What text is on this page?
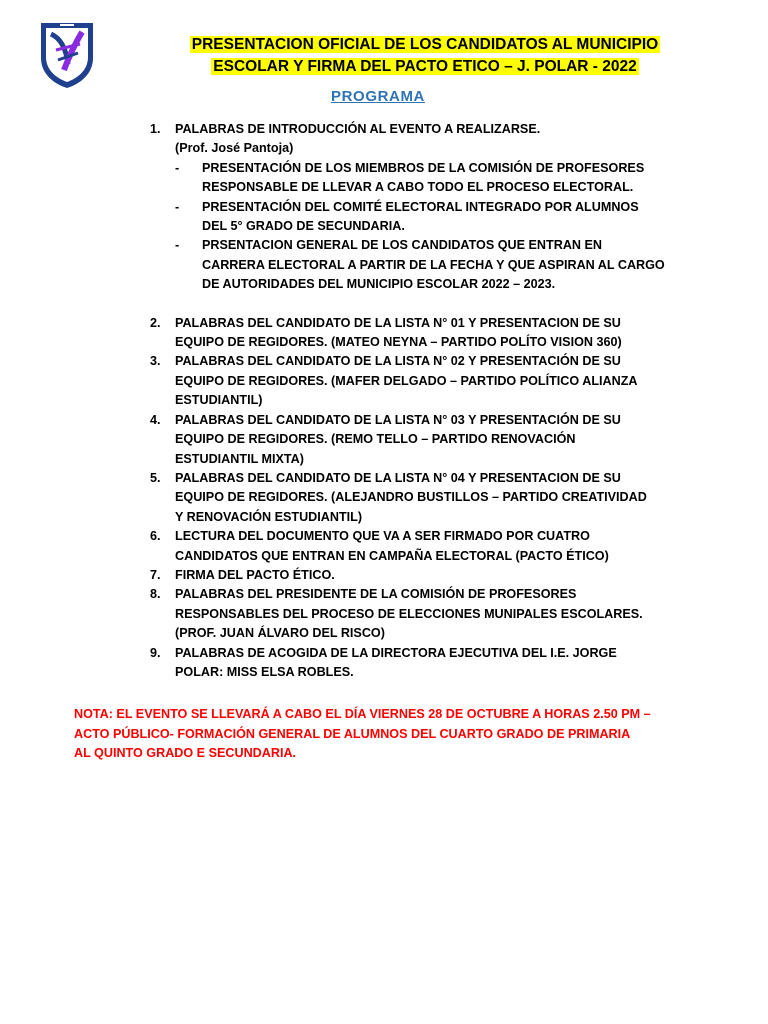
PRESENTACION OFICIAL DE LOS CANDIDATOS AL MUNICIPIO
ESCOLAR Y FIRMA DEL PACTO ETICO – J. POLAR - 2022
PROGRAMA
1.	PALABRAS DE INTRODUCCIÓN AL EVENTO A REALIZARSE.
(Prof. José Pantoja)
-	PRESENTACIÓN DE LOS MIEMBROS DE LA COMISIÓN DE PROFESORES
RESPONSABLE DE LLEVAR A CABO TODO EL PROCESO ELECTORAL.
-	PRESENTACIÓN DEL COMITÉ ELECTORAL INTEGRADO POR ALUMNOS
DEL 5° GRADO DE SECUNDARIA.
-	PRSENTACION GENERAL DE LOS CANDIDATOS QUE ENTRAN EN
CARRERA ELECTORAL A PARTIR DE LA FECHA Y QUE ASPIRAN AL CARGO
DE AUTORIDADES DEL MUNICIPIO ESCOLAR 2022 – 2023.
2.	PALABRAS DEL CANDIDATO DE LA LISTA N° 01 Y PRESENTACION DE SU
EQUIPO DE REGIDORES. (MATEO NEYNA – PARTIDO POLÍTO VISION 360)
3.	PALABRAS DEL CANDIDATO DE LA LISTA N° 02 Y PRESENTACIÓN DE SU
EQUIPO DE REGIDORES. (MAFER DELGADO – PARTIDO POLÍTICO ALIANZA
ESTUDIANTIL)
4.	PALABRAS DEL CANDIDATO DE LA LISTA N° 03 Y PRESENTACIÓN DE SU
EQUIPO DE REGIDORES. (REMO TELLO – PARTIDO RENOVACIÓN
ESTUDIANTIL MIXTA)
5.	PALABRAS DEL CANDIDATO DE LA LISTA N° 04 Y PRESENTACION DE SU
EQUIPO DE REGIDORES. (ALEJANDRO BUSTILLOS – PARTIDO CREATIVIDAD
Y RENOVACIÓN ESTUDIANTIL)
6.	LECTURA DEL DOCUMENTO QUE VA A SER FIRMADO POR CUATRO
CANDIDATOS QUE ENTRAN EN CAMPAÑA ELECTORAL (PACTO ÉTICO)
7.	FIRMA DEL PACTO ÉTICO.
8.	PALABRAS DEL PRESIDENTE DE LA COMISIÓN DE PROFESORES
RESPONSABLES DEL PROCESO DE ELECCIONES MUNIPALES ESCOLARES.
(PROF. JUAN ÁLVARO DEL RISCO)
9.	PALABRAS DE ACOGIDA DE LA DIRECTORA EJECUTIVA DEL I.E. JORGE
POLAR: MISS ELSA ROBLES.
NOTA: EL EVENTO SE LLEVARÁ A CABO EL DÍA VIERNES 28 DE OCTUBRE A HORAS 2.50 PM –
ACTO PÚBLICO- FORMACIÓN GENERAL DE ALUMNOS DEL CUARTO GRADO DE PRIMARIA
AL QUINTO GRADO E SECUNDARIA.
